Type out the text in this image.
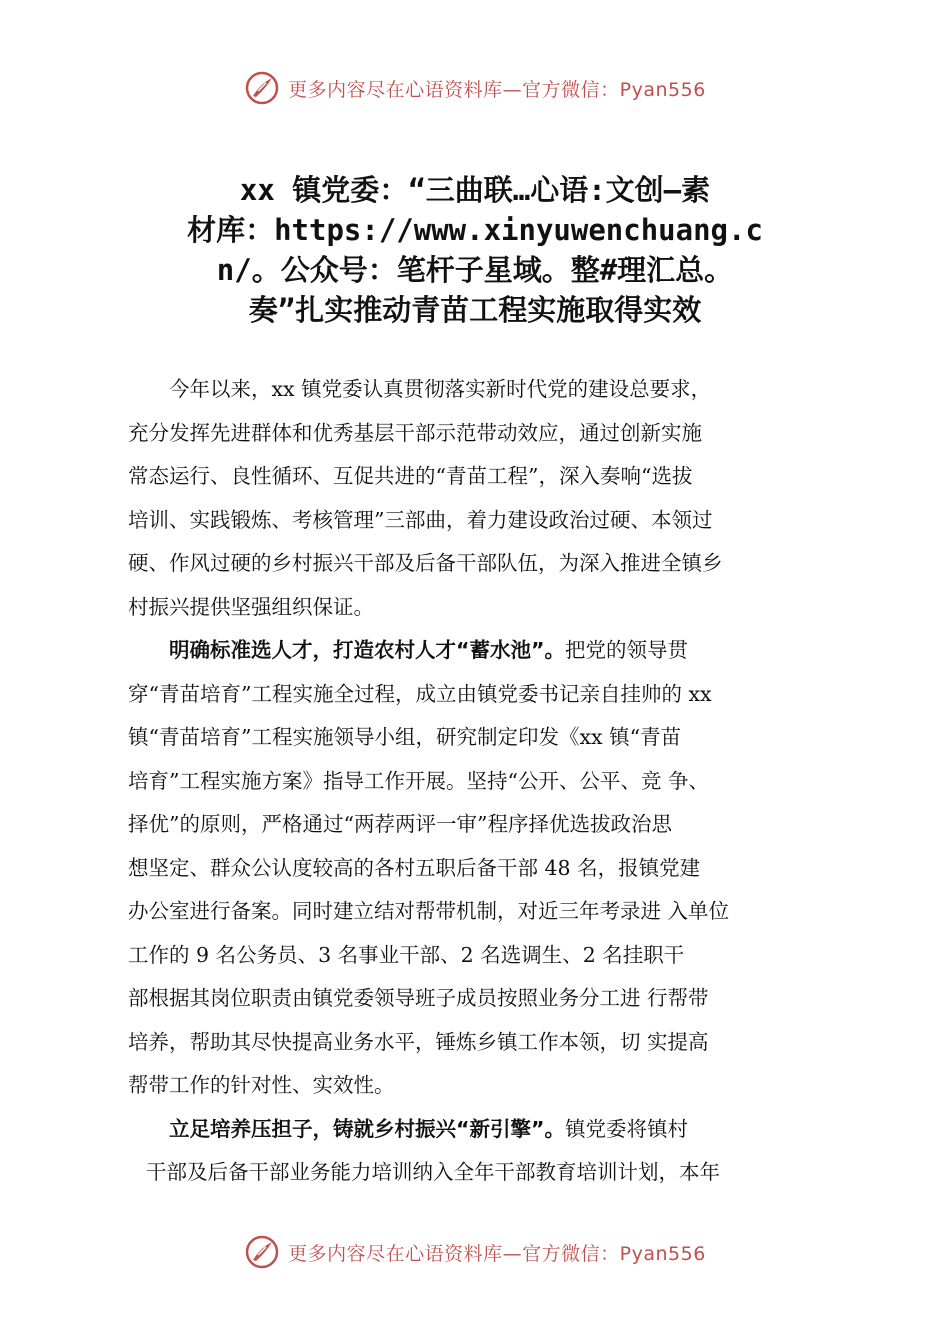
更多内容尽在心语资料库—官方微信：Pyan556
xx 镇党委：“三曲联…心语:文创—素
材库：https://www.xinyuwenchuang.c
n/。公众号：笔杆子星域。整#理汇总。
奏”扎实推动青苗工程实施取得实效
今年以来，xx 镇党委认真贯彻落实新时代党的建设总要求，
充分发挥先进群体和优秀基层干部示范带动效应，通过创新实施
常态运行、良性循环、互促共进的“青苗工程”，深入奏响“选拔
培训、实践锻炼、考核管理”三部曲，着力建设政治过硬、本领过
硬、作风过硬的乡村振兴干部及后备干部队伍，为深入推进全镇乡
村振兴提供坚强组织保证。
明确标准选人才，打造农村人才“蓄水池”。把党的领导贯
穿“青苗培育”工程实施全过程，成立由镇党委书记亲自挂帅的 xx
镇“青苗培育”工程实施领导小组，研究制定印发《xx 镇“青苗
培育”工程实施方案》指导工作开展。坚持“公开、公平、竞 争、
择优”的原则，严格通过“两荐两评一审”程序择优选拔政治思
想坚定、群众公认度较高的各村五职后备干部 48 名，报镇党建
办公室进行备案。同时建立结对帮带机制，对近三年考录进 入单位
工作的 9 名公务员、3 名事业干部、2 名选调生、2 名挂职干
部根据其岗位职责由镇党委领导班子成员按照业务分工进 行帮带
培养，帮助其尽快提高业务水平，锤炼乡镇工作本领，切 实提高
帮带工作的针对性、实效性。
立足培养压担子，铸就乡村振兴“新引擎”。镇党委将镇村
干部及后备干部业务能力培训纳入全年干部教育培训计划，本年
更多内容尽在心语资料库—官方微信：Pyan556
